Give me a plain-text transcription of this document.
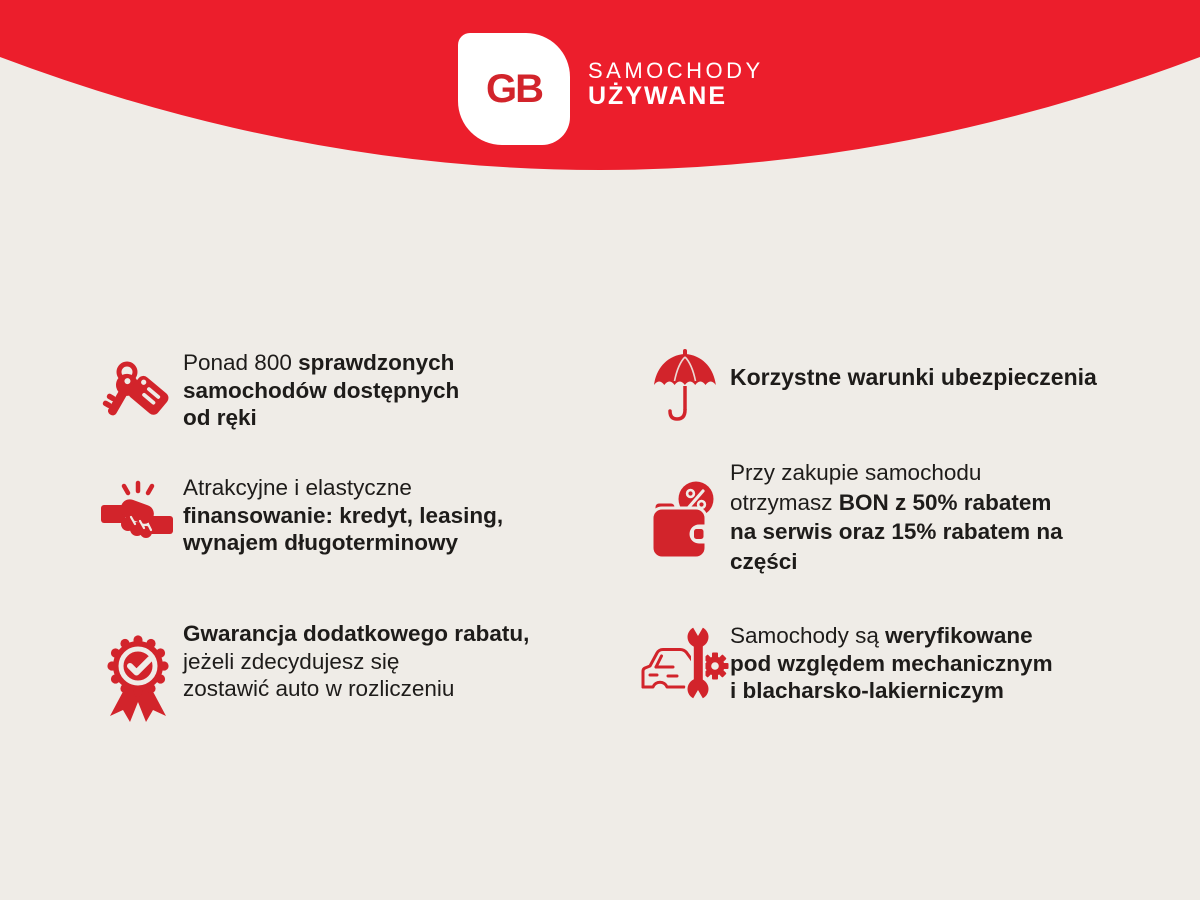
GB SAMOCHODY
UŻYWANE

Ponad 800 sprawdzonych
samochodów dostępnych
od ręki

Atrakcyjne i elastyczne
finansowanie: kredyt, leasing,
wynajem długoterminowy

Gwarancja dodatkowego rabatu,
jeżeli zdecydujesz się
zostawić auto w rozliczeniu

Korzystne warunki ubezpieczenia

Przy zakupie samochodu
otrzymasz BON z 50% rabatem
na serwis oraz 15% rabatem na
części

Samochody są weryfikowane
pod względem mechanicznym
i blacharsko-lakierniczym
